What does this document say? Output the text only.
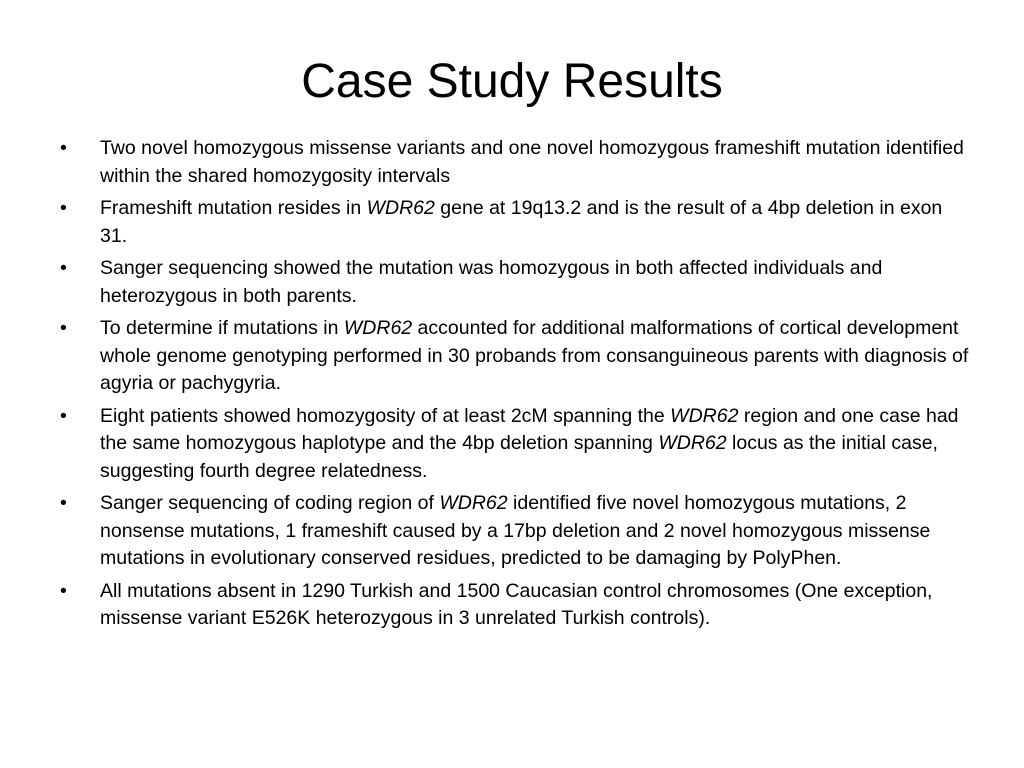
Case Study Results
•	Two novel homozygous missense variants and one novel homozygous frameshift mutation identified within the shared homozygosity intervals
•	Frameshift mutation resides in WDR62 gene at 19q13.2 and is the result of a 4bp deletion in exon 31.
•	Sanger sequencing showed the mutation was homozygous in both affected individuals and heterozygous in both parents.
•	To determine if mutations in WDR62 accounted for additional malformations of cortical development whole genome genotyping performed in 30 probands from consanguineous parents with diagnosis of agyria or pachygyria.
•	Eight patients showed homozygosity of at least 2cM spanning the WDR62 region and one case had the same homozygous haplotype and the 4bp deletion spanning WDR62 locus as the initial case, suggesting fourth degree relatedness.
•	Sanger sequencing of coding region of WDR62 identified five novel homozygous mutations, 2 nonsense mutations, 1 frameshift caused by a 17bp deletion and 2 novel homozygous missense mutations in evolutionary conserved residues, predicted to be damaging by PolyPhen.
•	All mutations absent in 1290 Turkish and 1500 Caucasian control chromosomes (One exception, missense variant E526K heterozygous in 3 unrelated Turkish controls).
